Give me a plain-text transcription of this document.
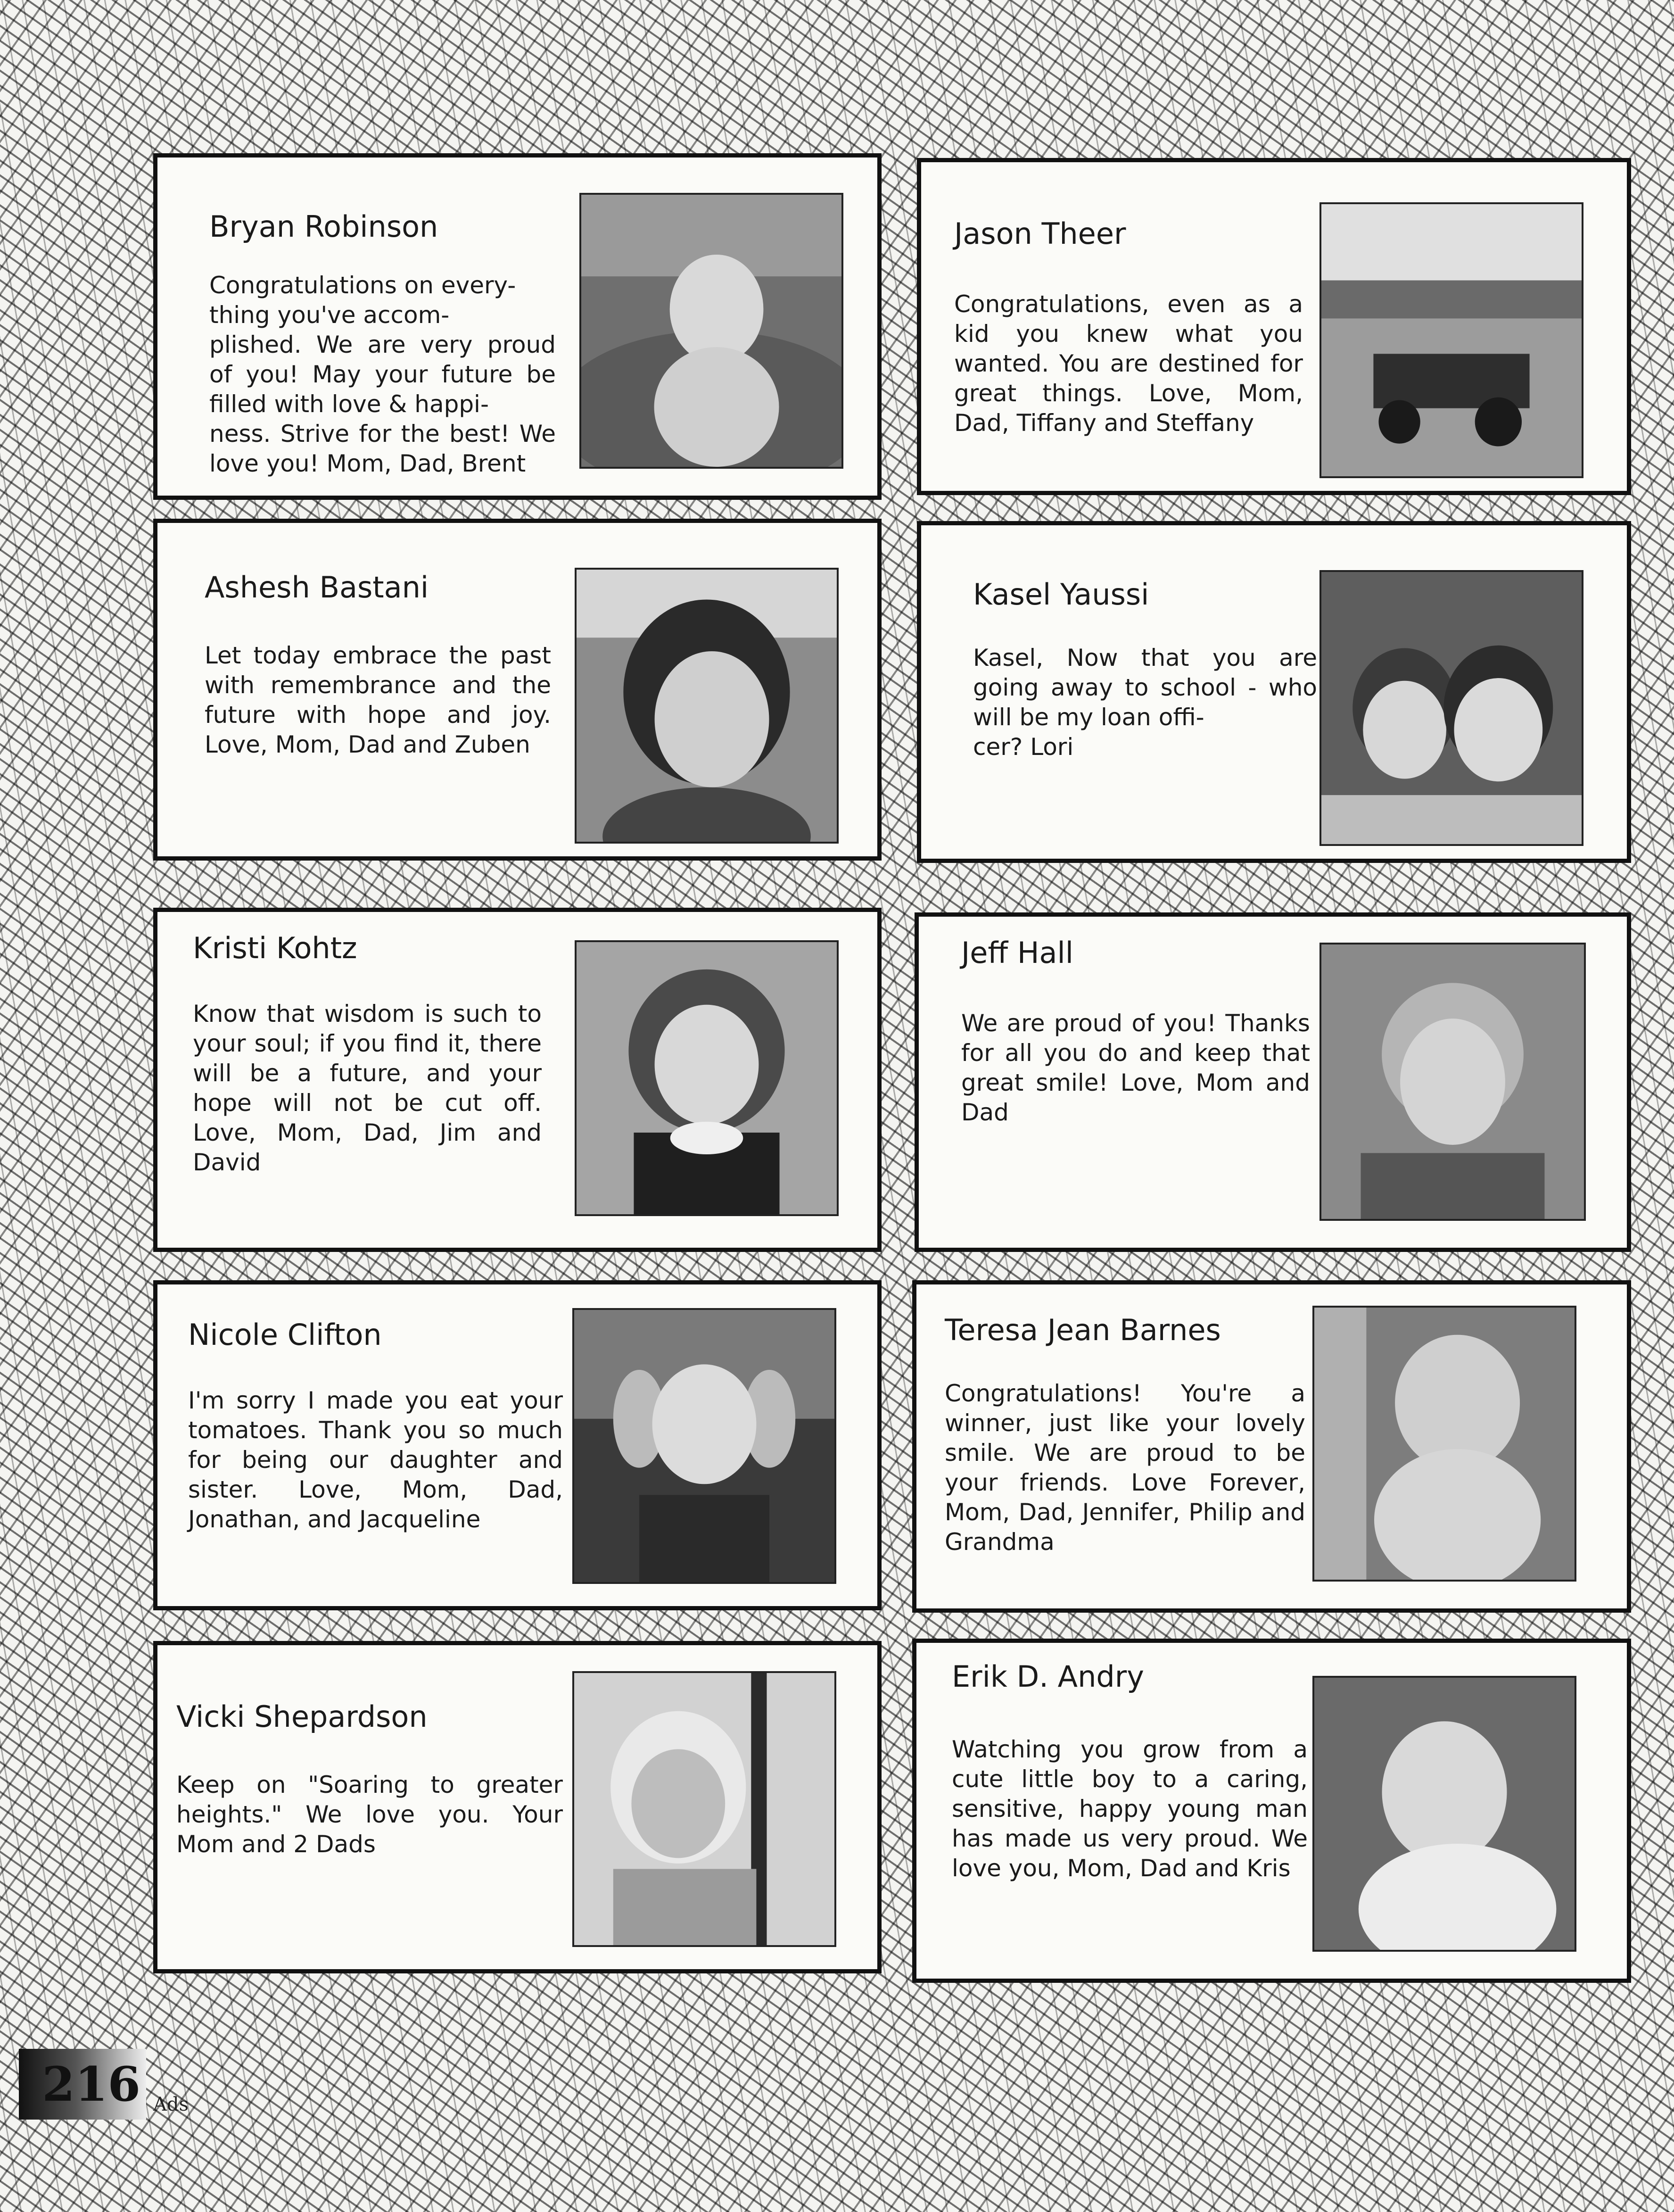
Bryan Robinson
Congratulations on every-
thing you've accom-
plished. We are very proud of you! May your future be filled with love & happi-
ness. Strive for the best! We love you! Mom, Dad, Brent
Jason Theer
Congratulations, even as a kid you knew what you wanted. You are destined for great things. Love, Mom, Dad, Tiffany and Steffany
Ashesh Bastani
Let today embrace the past with remembrance and the future with hope and joy. Love, Mom, Dad and Zuben
Kasel Yaussi
Kasel, Now that you are going away to school - who will be my loan offi-
cer? Lori
Kristi Kohtz
Know that wisdom is such to your soul; if you find it, there will be a future, and your hope will not be cut off. Love, Mom, Dad, Jim and David
Jeff Hall
We are proud of you! Thanks for all you do and keep that great smile! Love, Mom and Dad
Nicole Clifton
I'm sorry I made you eat your tomatoes. Thank you so much for being our daughter and sister. Love, Mom, Dad, Jonathan, and Jacqueline
Teresa Jean Barnes
Congratulations! You're a winner, just like your lovely smile. We are proud to be your friends. Love Forever, Mom, Dad, Jennifer, Philip and Grandma
Vicki Shepardson
Keep on "Soaring to greater heights." We love you. Your Mom and 2 Dads
Erik D. Andry
Watching you grow from a cute little boy to a caring, sensitive, happy young man has made us very proud. We love you, Mom, Dad and Kris
216 Ads
